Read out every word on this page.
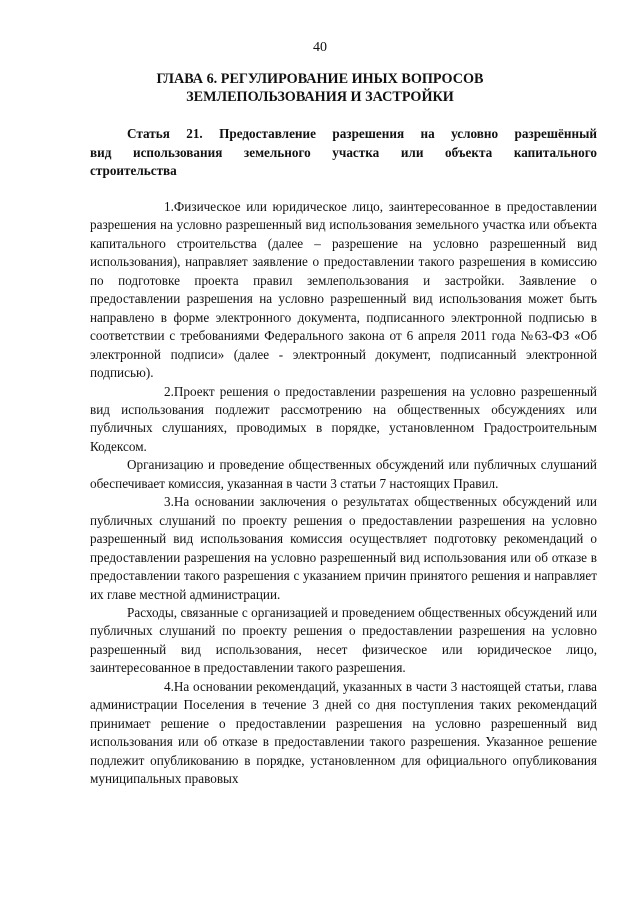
40
ГЛАВА 6. РЕГУЛИРОВАНИЕ ИНЫХ ВОПРОСОВ
ЗЕМЛЕПОЛЬЗОВАНИЯ И ЗАСТРОЙКИ
Статья 21. Предоставление разрешения на условно разрешённый
вид использования земельного участка или объекта капитального
строительства

1.Физическое или юридическое лицо, заинтересованное в предоставлении разрешения на условно разрешенный вид использования земельного участка или объекта капитального строительства (далее – разрешение на условно разрешенный вид использования), направляет заявление о предоставлении такого разрешения в комиссию по подготовке проекта правил землепользования и застройки. Заявление о предоставлении разрешения на условно разрешенный вид использования может быть направлено в форме электронного документа, подписанного электронной подписью в соответствии с требованиями Федерального закона от 6 апреля 2011 года №63-ФЗ «Об электронной подписи» (далее - электронный документ, подписанный электронной подписью).

2.Проект решения о предоставлении разрешения на условно разрешенный вид использования подлежит рассмотрению на общественных обсуждениях или публичных слушаниях, проводимых в порядке, установленном Градостроительным Кодексом.

Организацию и проведение общественных обсуждений или публичных слушаний обеспечивает комиссия, указанная в части 3 статьи 7 настоящих Правил.

3.На основании заключения о результатах общественных обсуждений или публичных слушаний по проекту решения о предоставлении разрешения на условно разрешенный вид использования комиссия осуществляет подготовку рекомендаций о предоставлении разрешения на условно разрешенный вид использования или об отказе в предоставлении такого разрешения с указанием причин принятого решения и направляет их главе местной администрации.

Расходы, связанные с организацией и проведением общественных обсуждений или публичных слушаний по проекту решения о предоставлении разрешения на условно разрешенный вид использования, несет физическое или юридическое лицо, заинтересованное в предоставлении такого разрешения.

4.На основании рекомендаций, указанных в части 3 настоящей статьи, глава администрации Поселения в течение 3 дней со дня поступления таких рекомендаций принимает решение о предоставлении разрешения на условно разрешенный вид использования или об отказе в предоставлении такого разрешения. Указанное решение подлежит опубликованию в порядке, установленном для официального опубликования муниципальных правовых
